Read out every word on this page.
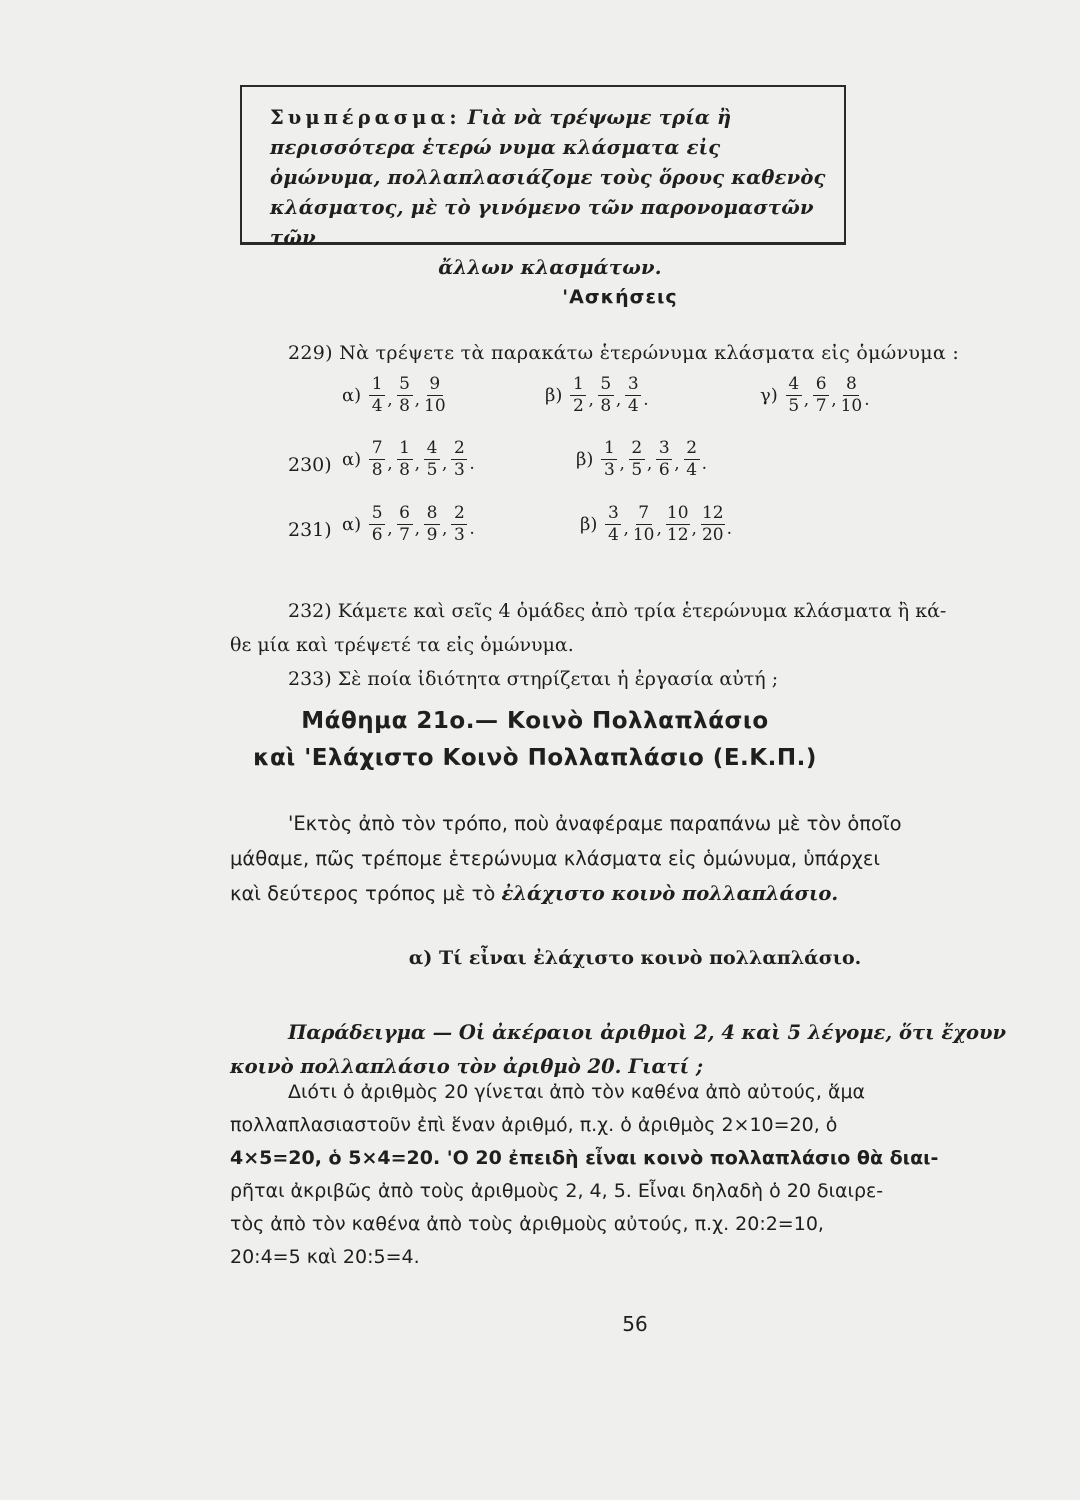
Συμπέρασμα: Γιὰ νὰ τρέψωμε τρία ἢ περισσότερα ἑτερώ νυμα κλάσματα εἰς ὁμώνυμα, πολλαπλασιάζομε τοὺς ὅρους καθενὸς κλάσματος, μὲ τὸ γινόμενο τῶν παρονομαστῶν τῶν
ἄλλων κλασμάτων.
'Ασκήσεις
229) Νὰ τρέψετε τὰ παρακάτω ἑτερώνυμα κλάσματα εἰς ὁμώνυμα :
$\alpha) \frac{1}{4}$ , $\frac{5}{8}$ , $\frac{9}{10}$	$\beta) \frac{1}{2}$ , $\frac{5}{8}$ , $\frac{3}{4}$ .	$\gamma) \frac{4}{5}$ , $\frac{6}{7}$ , $\frac{8}{10}$ .
230) $\alpha) \frac{7}{8}$ , $\frac{1}{8}$ , $\frac{4}{5}$ , $\frac{2}{3}$ .	$\beta) \frac{1}{3}$ , $\frac{2}{5}$ , $\frac{3}{6}$ , $\frac{2}{4}$ .
231) $\alpha) \frac{5}{6}$ , $\frac{6}{7}$ , $\frac{8}{9}$ , $\frac{2}{3}$ .	$\beta) \frac{3}{4}$ , $\frac{7}{10}$ , $\frac{10}{12}$ , $\frac{12}{20}$ .
232) Κάμετε καὶ σεῖς 4 ὁμάδες ἀπὸ τρία ἑτερώνυμα κλάσματα ἢ κά-
θε μία καὶ τρέψετέ τα εἰς ὁμώνυμα.
233) Σὲ ποία ἰδιότητα στηρίζεται ἡ ἐργασία αὐτή ;
Μάθημα 21ο.— Κοινὸ Πολλαπλάσιο
καὶ 'Ελάχιστο Κοινὸ Πολλαπλάσιο (Ε.Κ.Π.)
'Εκτὸς ἀπὸ τὸν τρόπο, ποὺ ἀναφέραμε παραπάνω μὲ τὸν ὁποῖο
μάθαμε, πῶς τρέπομε ἑτερώνυμα κλάσματα εἰς ὁμώνυμα, ὑπάρχει
καὶ δεύτερος τρόπος μὲ τὸ ἐλάχιστο κοινὸ πολλαπλάσιο.
α) Τί εἶναι ἐλάχιστο κοινὸ πολλαπλάσιο.
Παράδειγμα — Οἱ ἀκέραιοι ἀριθμοὶ 2, 4 καὶ 5 λέγομε, ὅτι ἔχουν
κοινὸ πολλαπλάσιο τὸν ἀριθμὸ 20. Γιατί ;
Διότι ὁ ἀριθμὸς 20 γίνεται ἀπὸ τὸν καθένα ἀπὸ αὐτούς, ἅμα
πολλαπλασιαστοῦν ἐπὶ ἕναν ἀριθμό, π.χ. ὁ ἀριθμὸς 2×10=20, ὁ
4×5=20, ὁ 5×4=20. 'Ο 20 ἐπειδὴ εἶναι κοινὸ πολλαπλάσιο θὰ διαι-
ρῆται ἀκριβῶς ἀπὸ τοὺς ἀριθμοὺς 2, 4, 5. Εἶναι δηλαδὴ ὁ 20 διαιρε-
τὸς ἀπὸ τὸν καθένα ἀπὸ τοὺς ἀριθμοὺς αὐτούς, π.χ. 20:2=10,
20:4=5 καὶ 20:5=4.
56
